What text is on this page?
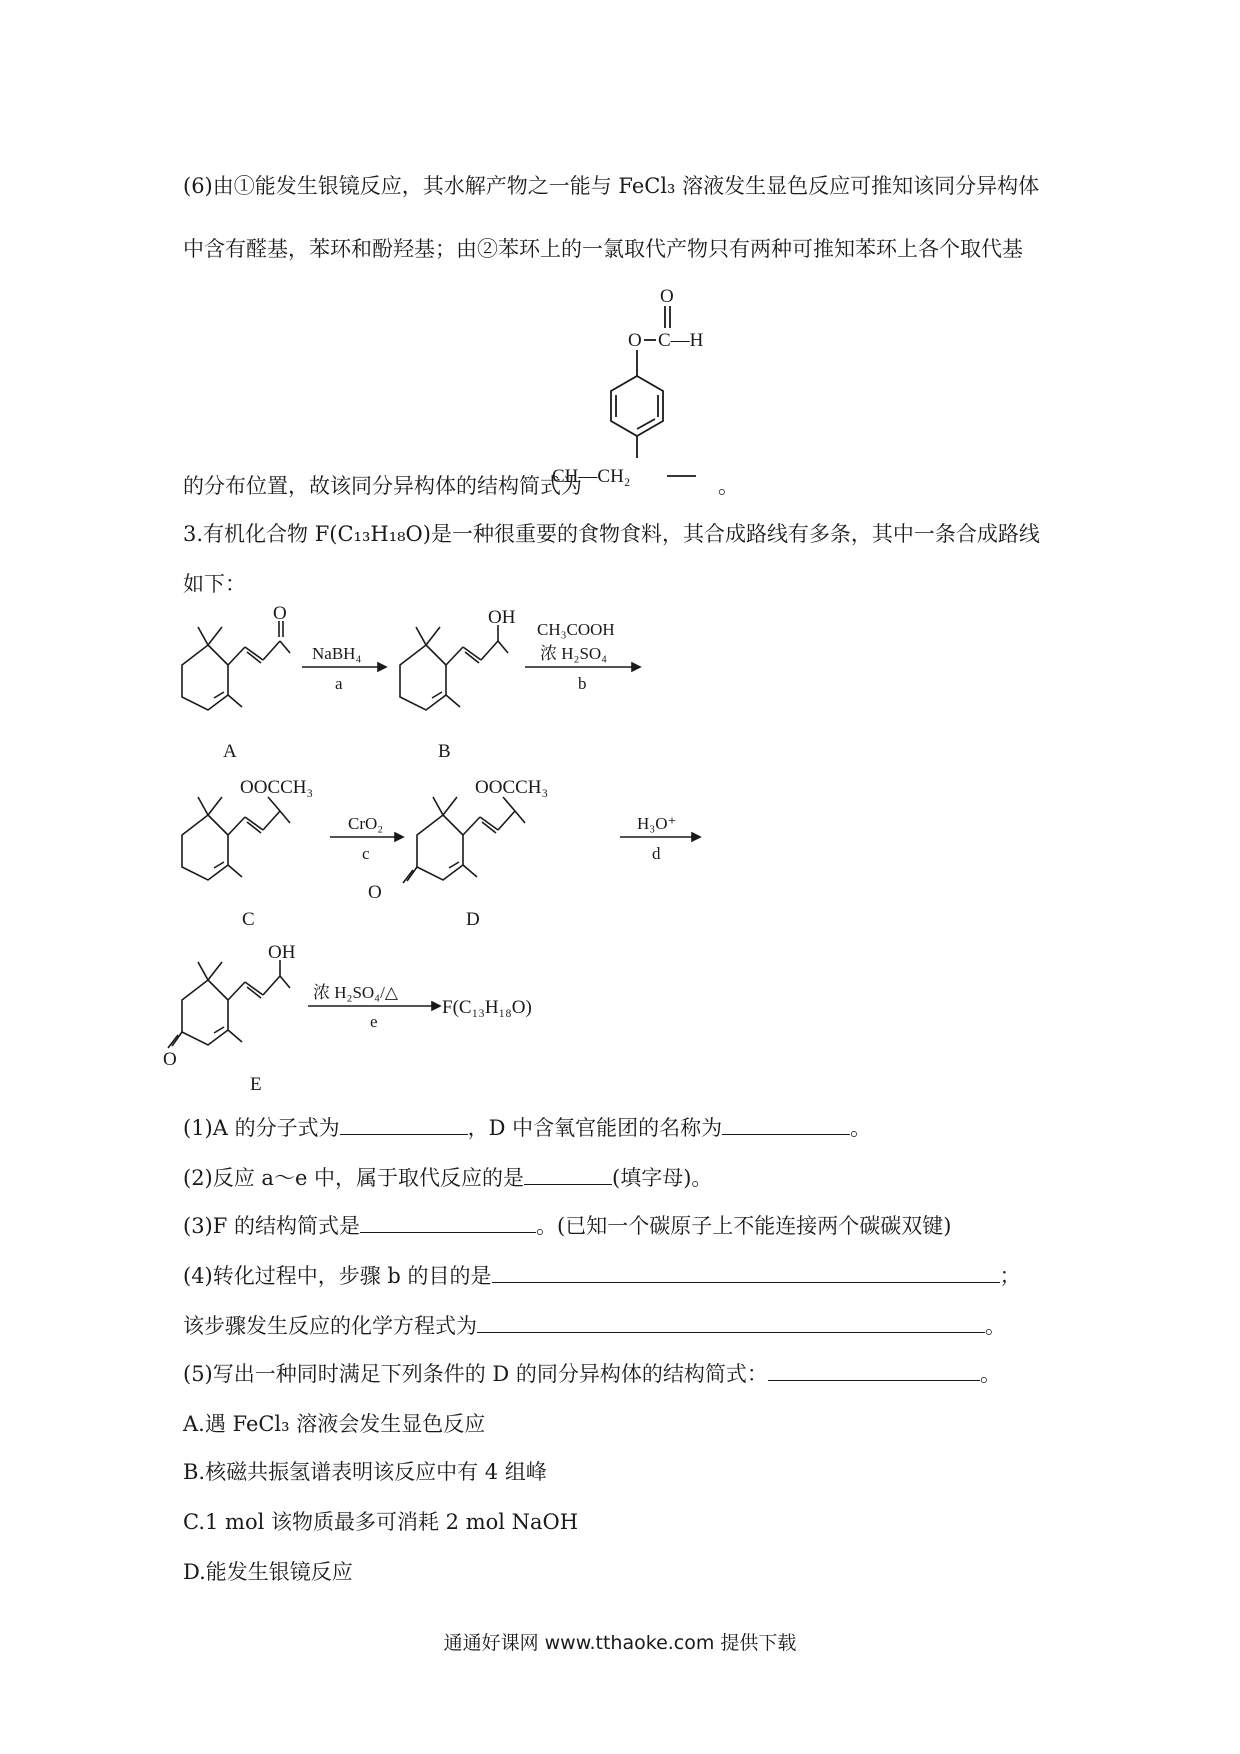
(6)由①能发生银镜反应，其水解产物之一能与 FeCl₃ 溶液发生显色反应可推知该同分异构体
中含有醛基，苯环和酚羟基；由②苯环上的一氯取代产物只有两种可推知苯环上各个取代基
的分布位置，故该同分异构体的结构简式为
O
O C—H
CH—CH₂	。
3.有机化合物 F(C₁₃H₁₈O)是一种很重要的食物食料，其合成路线有多条，其中一条合成路线
如下：
O	OH
OOCCH₃	OOCCH₃
O
OH
O
NaBH₄
a
CH₃COOH
浓 H₂SO₄
b
CrO₂
c
H₃O⁺
d
浓 H₂SO₄/△
e
F(C₁₃H₁₈O)
A	B
C	D
E
(1)A 的分子式为	，D 中含氧官能团的名称为	。
(2)反应 a～e 中，属于取代反应的是	(填字母)。
(3)F 的结构简式是	。(已知一个碳原子上不能连接两个碳碳双键)
(4)转化过程中，步骤 b 的目的是	；
该步骤发生反应的化学方程式为	。
(5)写出一种同时满足下列条件的 D 的同分异构体的结构简式：	。
A.遇 FeCl₃ 溶液会发生显色反应
B.核磁共振氢谱表明该反应中有 4 组峰
C.1 mol 该物质最多可消耗 2 mol NaOH
D.能发生银镜反应
通通好课网 www.tthaoke.com 提供下载
